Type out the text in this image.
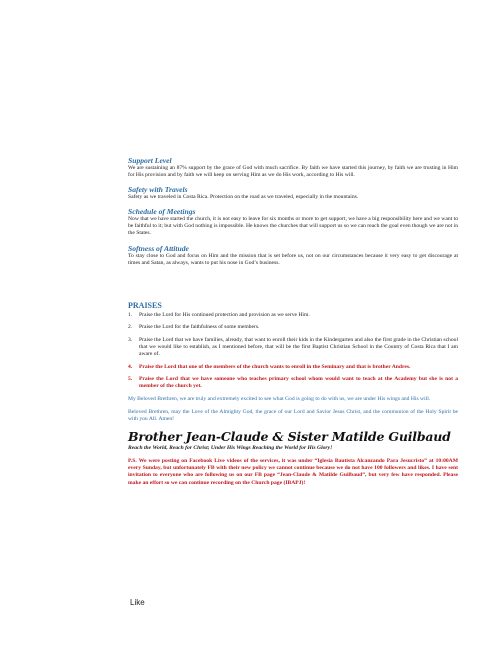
Support Level

We are sustaining an 87% support by the grace of God with much sacrifice. By faith we have started this journey, by faith we are trusting in Him for His provision and by faith we will keep on serving Him as we do His work, according to His will.

Safety with Travels

Safety as we traveled in Costa Rica. Protection on the road as we traveled, especially in the mountains.

Schedule of Meetings

Now that we have started the church, it is not easy to leave for six months or more to get support, we have a big responsibility here and we want to be faithful to it; but with God nothing is impossible. He knows the churches that will support us so we can reach the goal even though we are not in the States.

Softness of Attitude

To stay close to God and focus on Him and the mission that is set before us, not on our circumstances because it very easy to get discourage at times and Satan, as always, wants to put his nose in God’s business.

PRAISES
1.	Praise the Lord for His continued protection and provision as we serve Him.
2.	Praise the Lord for the faithfulness of some members.
3.	Praise the Lord that we have families, already, that want to enroll their kids in the Kindergarten and also the first grade in the Christian school that we would like to establish, as I mentioned before, that will be the first Baptist Christian School in the Country of Costa Rica that I am aware of.
4.	Praise the Lord that one of the members of the church wants to enroll in the Seminary and that is brother Andres.
5.	Praise the Lord that we have someone who teaches primary school whom would want to teach at the Academy but she is not a member of the church yet.

My Beloved Brethren, we are truly and extremely excited to see what God is going to do with us, we are under His wings and His will.

Beloved Brethren, may the Love of the Almighty God, the grace of our Lord and Savior Jesus Christ, and the communion of the Holy Spirit be with you All. Amen!

Brother Jean-Claude & Sister Matilde Guilbaud
Reach the World, Reach for Christ; Under His Wings Reaching the World for His Glory!

P.S. We were posting on Facebook Live videos of the services, it was under “Iglesia Bautista Alcanzando Para Jesucristo” at 10:00AM every Sunday, but unfortunately FB with their new policy we cannot continue because we do not have 100 followers and likes. I have sent invitation to everyone who are following us on our FB page “Jean-Claude & Matilde Guilbaud”, but very few have responded. Please make an effort so we can continue recording on the Church page (IBAPJ)!

Like
